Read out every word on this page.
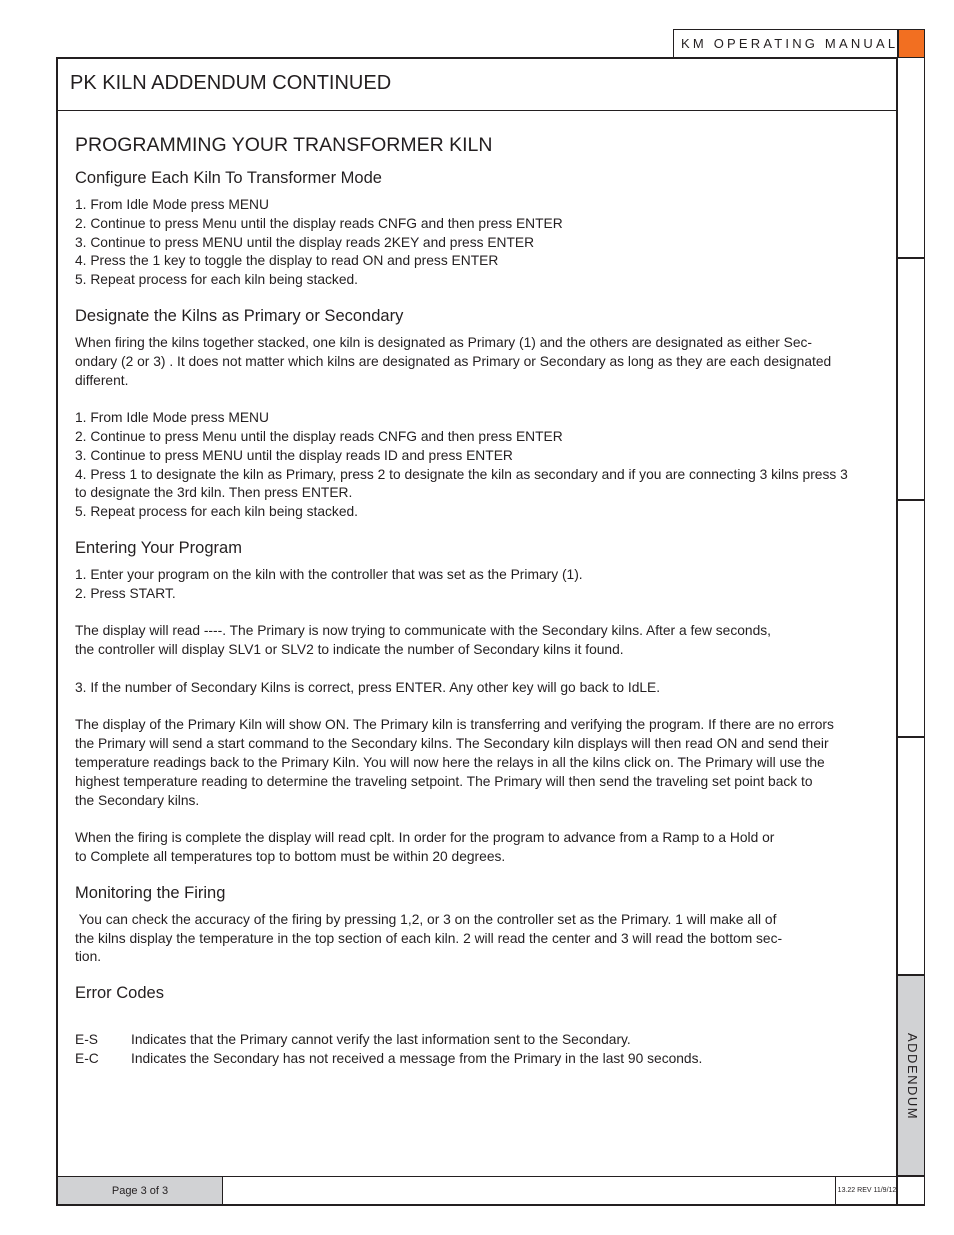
KM OPERATING MANUAL
PK KILN ADDENDUM CONTINUED
ADDENDUM
PROGRAMMING YOUR TRANSFORMER KILN
Configure Each Kiln To Transformer Mode
1. From Idle Mode press MENU
2. Continue to press Menu until the display reads CNFG and then press ENTER
3. Continue to press MENU until the display reads 2KEY and press ENTER
4. Press the 1 key to toggle the display to read ON and press ENTER
5. Repeat process for each kiln being stacked.
Designate the Kilns as Primary or Secondary
When firing the kilns together stacked, one kiln is designated as Primary (1) and the others are designated as either Sec-
ondary (2 or 3) . It does not matter which kilns are designated as Primary or Secondary as long as they are each designated
different.
1. From Idle Mode press MENU
2. Continue to press Menu until the display reads CNFG and then press ENTER
3. Continue to press MENU until the display reads ID and press ENTER
4. Press 1 to designate the kiln as Primary, press 2 to designate the kiln as secondary and if you are connecting 3 kilns press 3
to designate the 3rd kiln. Then press ENTER.
5. Repeat process for each kiln being stacked.
Entering Your Program
1. Enter your program on the kiln with the controller that was set as the Primary (1).
2. Press START.
The display will read ----. The Primary is now trying to communicate with the Secondary kilns. After a few seconds,
the controller will display SLV1 or SLV2 to indicate the number of Secondary kilns it found.
3. If the number of Secondary Kilns is correct, press ENTER. Any other key will go back to IdLE.
The display of the Primary Kiln will show ON. The Primary kiln is transferring and verifying the program. If there are no errors
the Primary will send a start command to the Secondary kilns. The Secondary kiln displays will then read ON and send their
temperature readings back to the Primary Kiln. You will now here the relays in all the kilns click on. The Primary will use the
highest temperature reading to determine the traveling setpoint. The Primary will then send the traveling set point back to
the Secondary kilns.
When the firing is complete the display will read cplt. In order for the program to advance from a Ramp to a Hold or
to Complete all temperatures top to bottom must be within 20 degrees.
Monitoring the Firing
You can check the accuracy of the firing by pressing 1,2, or 3 on the controller set as the Primary. 1 will make all of
the kilns display the temperature in the top section of each kiln. 2 will read the center and 3 will read the bottom sec-
tion.
Error Codes
E-S	Indicates that the Primary cannot verify the last information sent to the Secondary.
E-C	Indicates the Secondary has not received a message from the Primary in the last 90 seconds.
Page 3 of 3	13.22 REV 11/9/12
